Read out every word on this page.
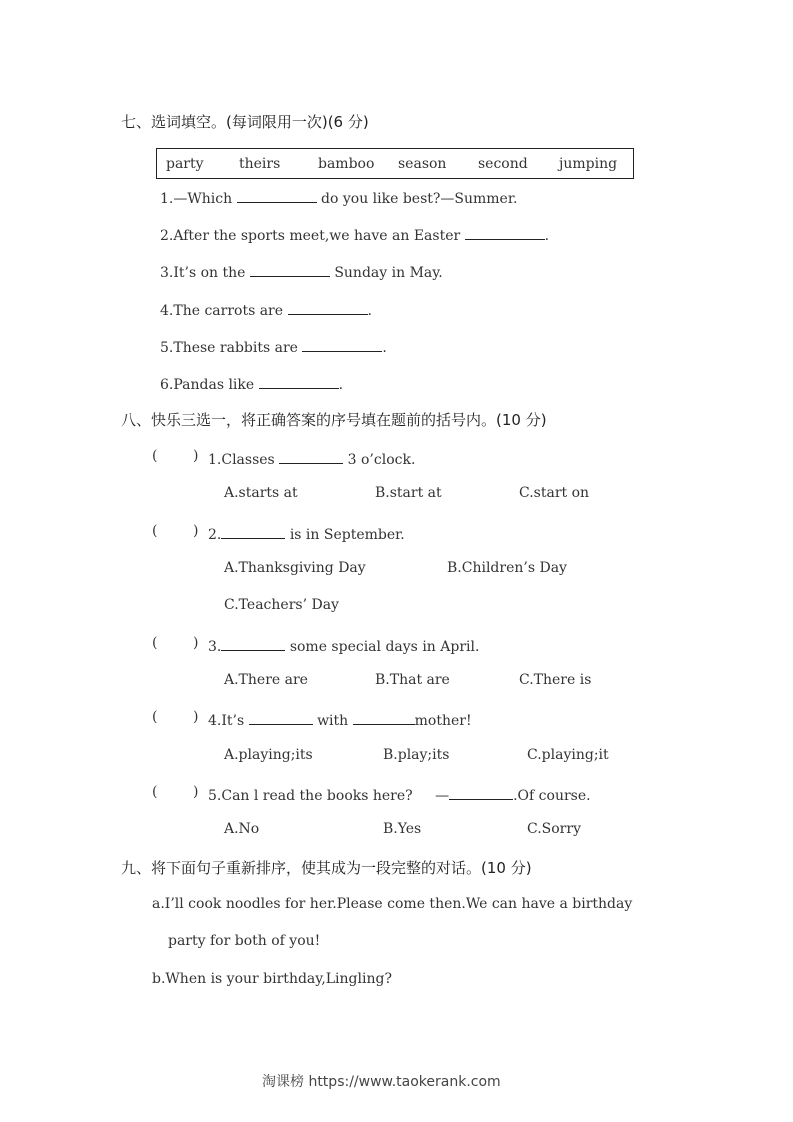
七、选词填空。(每词限用一次)(6 分)
party	theirs	bamboo season second jumping
1.—Which	do you like best?—Summer.
2.After the sports meet,we have an Easter	.
3.It’s on the	Sunday in May.
4.The carrots are	.
5.These rabbits are	.
6.Pandas like	.
八、快乐三选一，将正确答案的序号填在题前的括号内。(10 分)
(	) 1.Classes	3 o’clock.
A.starts at	B.start at	C.start on
(	) 2.	is in September.
A.Thanksgiving Day	B.Children’s Day
C.Teachers’ Day
(	) 3.	some special days in April.
A.There are	B.That are	C.There is
(	) 4.It’s	with	mother!
A.playing;its	B.play;its	C.playing;it
(	) 5.Can l read the books here? —	.Of course.
A.No	B.Yes	C.Sorry
九、将下面句子重新排序，使其成为一段完整的对话。(10 分)
a.I’ll cook noodles for her.Please come then.We can have a birthday
party for both of you!
b.When is your birthday,Lingling?
淘课榜 https://www.taokerank.com
